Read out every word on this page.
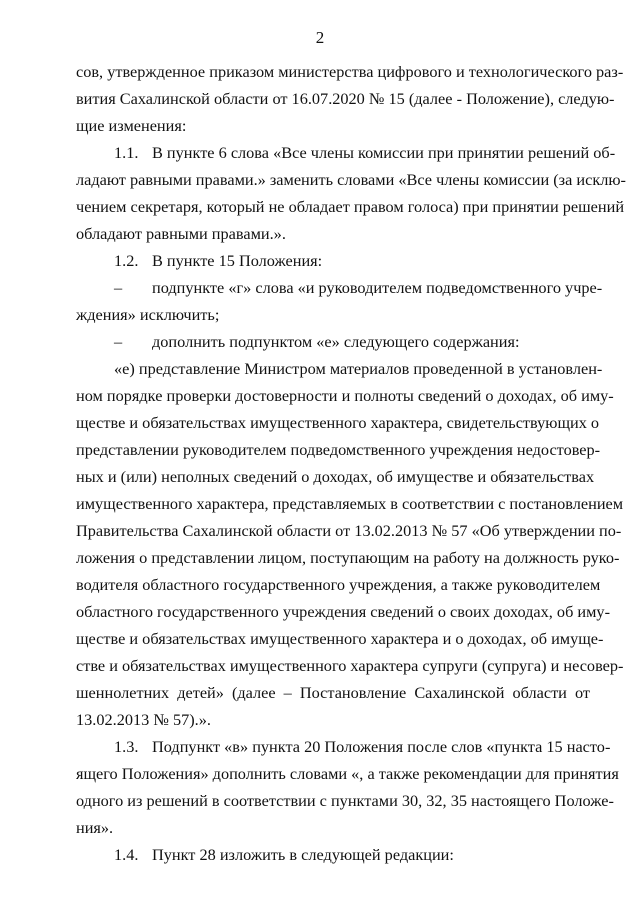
2
сов, утвержденное приказом министерства цифрового и технологического раз-
вития Сахалинской области от 16.07.2020 № 15 (далее - Положение), следую-
щие изменения:
1.1. В пункте 6 слова «Все члены комиссии при принятии решений об-
ладают равными правами.» заменить словами «Все члены комиссии (за исклю-
чением секретаря, который не обладает правом голоса) при принятии решений
обладают равными правами.».
1.2. В пункте 15 Положения:
– подпункте «г» слова «и руководителем подведомственного учре-
ждения» исключить;
– дополнить подпунктом «е» следующего содержания:
«е) представление Министром материалов проведенной в установлен-
ном порядке проверки достоверности и полноты сведений о доходах, об иму-
ществе и обязательствах имущественного характера, свидетельствующих о
представлении руководителем подведомственного учреждения недостовер-
ных и (или) неполных сведений о доходах, об имуществе и обязательствах
имущественного характера, представляемых в соответствии с постановлением
Правительства Сахалинской области от 13.02.2013 № 57 «Об утверждении по-
ложения о представлении лицом, поступающим на работу на должность руко-
водителя областного государственного учреждения, а также руководителем
областного государственного учреждения сведений о своих доходах, об иму-
ществе и обязательствах имущественного характера и о доходах, об имуще-
стве и обязательствах имущественного характера супруги (супруга) и несовер-
шеннолетних детей» (далее – Постановление Сахалинской области от
13.02.2013 № 57).».
1.3. Подпункт «в» пункта 20 Положения после слов «пункта 15 насто-
ящего Положения» дополнить словами «, а также рекомендации для принятия
одного из решений в соответствии с пунктами 30, 32, 35 настоящего Положе-
ния».
1.4. Пункт 28 изложить в следующей редакции:
